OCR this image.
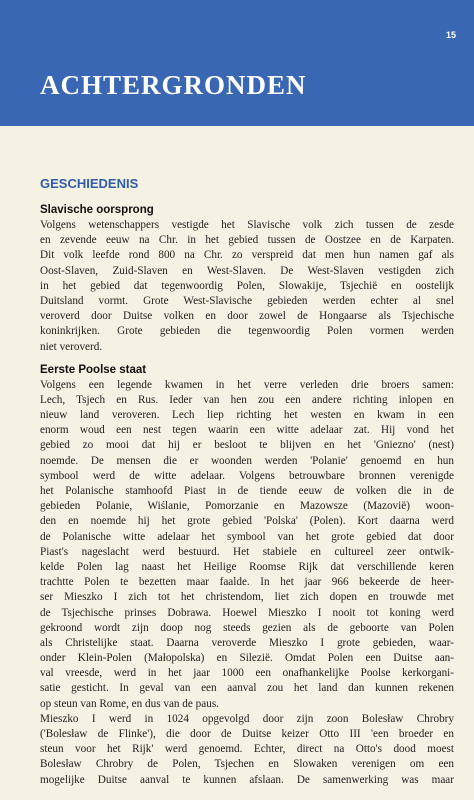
15
ACHTERGRONDEN
GESCHIEDENIS
Slavische oorsprong
Volgens wetenschappers vestigde het Slavische volk zich tussen de zesde
en zevende eeuw na Chr. in het gebied tussen de Oostzee en de Karpaten.
Dit volk leefde rond 800 na Chr. zo verspreid dat men hun namen gaf als
Oost-Slaven, Zuid-Slaven en West-Slaven. De West-Slaven vestigden zich
in het gebied dat tegenwoordig Polen, Slowakije, Tsjechië en oostelijk
Duitsland vormt. Grote West-Slavische gebieden werden echter al snel
veroverd door Duitse volken en door zowel de Hongaarse als Tsjechische
koninkrijken. Grote gebieden die tegenwoordig Polen vormen werden
niet veroverd.
Eerste Poolse staat
Volgens een legende kwamen in het verre verleden drie broers samen:
Lech, Tsjech en Rus. Ieder van hen zou een andere richting inlopen en
nieuw land veroveren. Lech liep richting het westen en kwam in een
enorm woud een nest tegen waarin een witte adelaar zat. Hij vond het
gebied zo mooi dat hij er besloot te blijven en het 'Gniezno' (nest)
noemde. De mensen die er woonden werden 'Polanie' genoemd en hun
symbool werd de witte adelaar. Volgens betrouwbare bronnen verenigde
het Polanische stamhoofd Piast in de tiende eeuw de volken die in de
gebieden Polanie, Wiślanie, Pomorzanie en Mazowsze (Mazovië) woon-
den en noemde hij het grote gebied 'Polska' (Polen). Kort daarna werd
de Polanische witte adelaar het symbool van het grote gebied dat door
Piast's nageslacht werd bestuurd. Het stabiele en cultureel zeer ontwik-
kelde Polen lag naast het Heilige Roomse Rijk dat verschillende keren
trachtte Polen te bezetten maar faalde. In het jaar 966 bekeerde de heer-
ser Mieszko I zich tot het christendom, liet zich dopen en trouwde met
de Tsjechische prinses Dobrawa. Hoewel Mieszko I nooit tot koning werd
gekroond wordt zijn doop nog steeds gezien als de geboorte van Polen
als Christelijke staat. Daarna veroverde Mieszko I grote gebieden, waar-
onder Klein-Polen (Małopolska) en Silezië. Omdat Polen een Duitse aan-
val vreesde, werd in het jaar 1000 een onafhankelijke Poolse kerkorgani-
satie gesticht. In geval van een aanval zou het land dan kunnen rekenen
op steun van Rome, en dus van de paus.
Mieszko I werd in 1024 opgevolgd door zijn zoon Bolesław Chrobry
('Bolesław de Flinke'), die door de Duitse keizer Otto III 'een broeder en
steun voor het Rijk' werd genoemd. Echter, direct na Otto's dood moest
Bolesław Chrobry de Polen, Tsjechen en Slowaken verenigen om een
mogelijke Duitse aanval te kunnen afslaan. De samenwerking was maar
